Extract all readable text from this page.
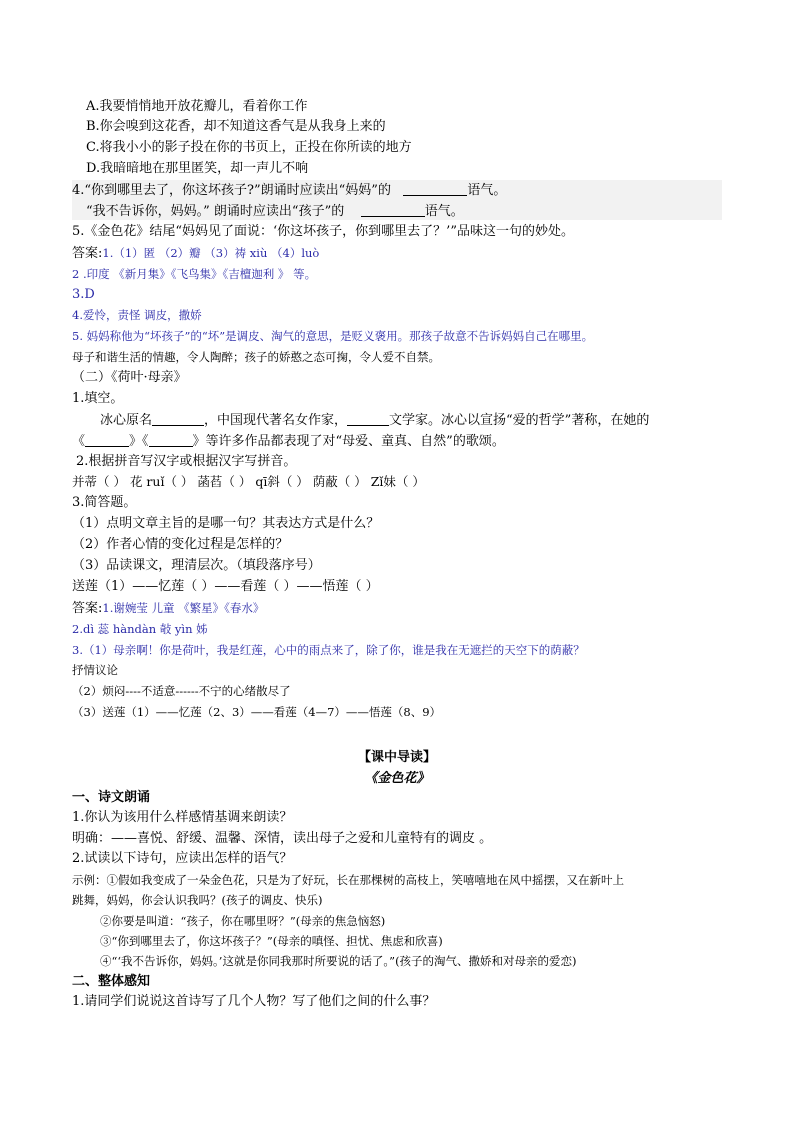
A.我要悄悄地开放花瓣儿，看着你工作
B.你会嗅到这花香，却不知道这香气是从我身上来的
C.将我小小的影子投在你的书页上，正投在你所读的地方
D.我暗暗地在那里匿笑，却一声儿不响
4.“你到哪里去了，你这坏孩子?”朗诵时应读出“妈妈”的	语气。
“我不告诉你，妈妈。” 朗诵时应读出“孩子”的	语气。
5.《金色花》结尾“妈妈见了面说：‘你这坏孩子，你到哪里去了？’”品味这一句的妙处。
答案:1.（1）匿 （2）瓣 （3）祷 xiù （4）luò
2 .印度 《新月集》《飞鸟集》《吉檀迦利 》 等。
3.D
4.爱怜，责怪 调皮，撒娇
5. 妈妈称他为“坏孩子”的“坏”是调皮、淘气的意思，是贬义褒用。那孩子故意不告诉妈妈自己在哪里。
母子和谐生活的情趣，令人陶醉；孩子的娇憨之态可掬，令人爱不自禁。
（二）《荷叶·母亲》
1.填空。
冰心原名	，中国现代著名女作家，	文学家。冰心以宣扬“爱的哲学”著称，在她的
《	》《	》等许多作品都表现了对“母爱、童真、自然”的歌颂。
2.根据拼音写汉字或根据汉字写拼音。
并蒂（ ） 花 ruǐ（ ） 菡萏（ ） qī斜（ ） 荫蔽（ ） Zǐ妹（ ）
3.简答题。
（1）点明文章主旨的是哪一句？其表达方式是什么？
（2）作者心情的变化过程是怎样的？
（3）品读课文，理清层次。（填段落序号）
送莲（1）——忆莲（ ）——看莲（ ）——悟莲（ ）
答案:1.谢婉莹 儿童 《繁星》《春水》
2.dì 蕊 hàndàn 敧 yìn 姊
3.（1）母亲啊！你是荷叶，我是红莲，心中的雨点来了，除了你，谁是我在无遮拦的天空下的荫蔽？
抒情议论
（2）烦闷----不适意------不宁的心绪散尽了
（3）送莲（1）——忆莲（2、3）——看莲（4—7）——悟莲（8、9）
【课中导读】
《金色花》
一、诗文朗诵
1.你认为该用什么样感情基调来朗读？
明确：——喜悦、舒缓、温馨、深情，读出母子之爱和儿童特有的调皮 。
2.试读以下诗句，应读出怎样的语气？
示例：①假如我变成了一朵金色花，只是为了好玩，长在那棵树的高枝上，笑嘻嘻地在风中摇摆，又在新叶上
跳舞，妈妈，你会认识我吗？(孩子的调皮、快乐)
②你要是叫道：“孩子，你在哪里呀？”(母亲的焦急恼怒)
③“你到哪里去了，你这坏孩子？”(母亲的嗔怪、担忧、焦虑和欣喜)
④“‘我不告诉你，妈妈。’这就是你同我那时所要说的话了。”(孩子的淘气、撒娇和对母亲的爱恋)
二、整体感知
1.请同学们说说这首诗写了几个人物？写了他们之间的什么事？
